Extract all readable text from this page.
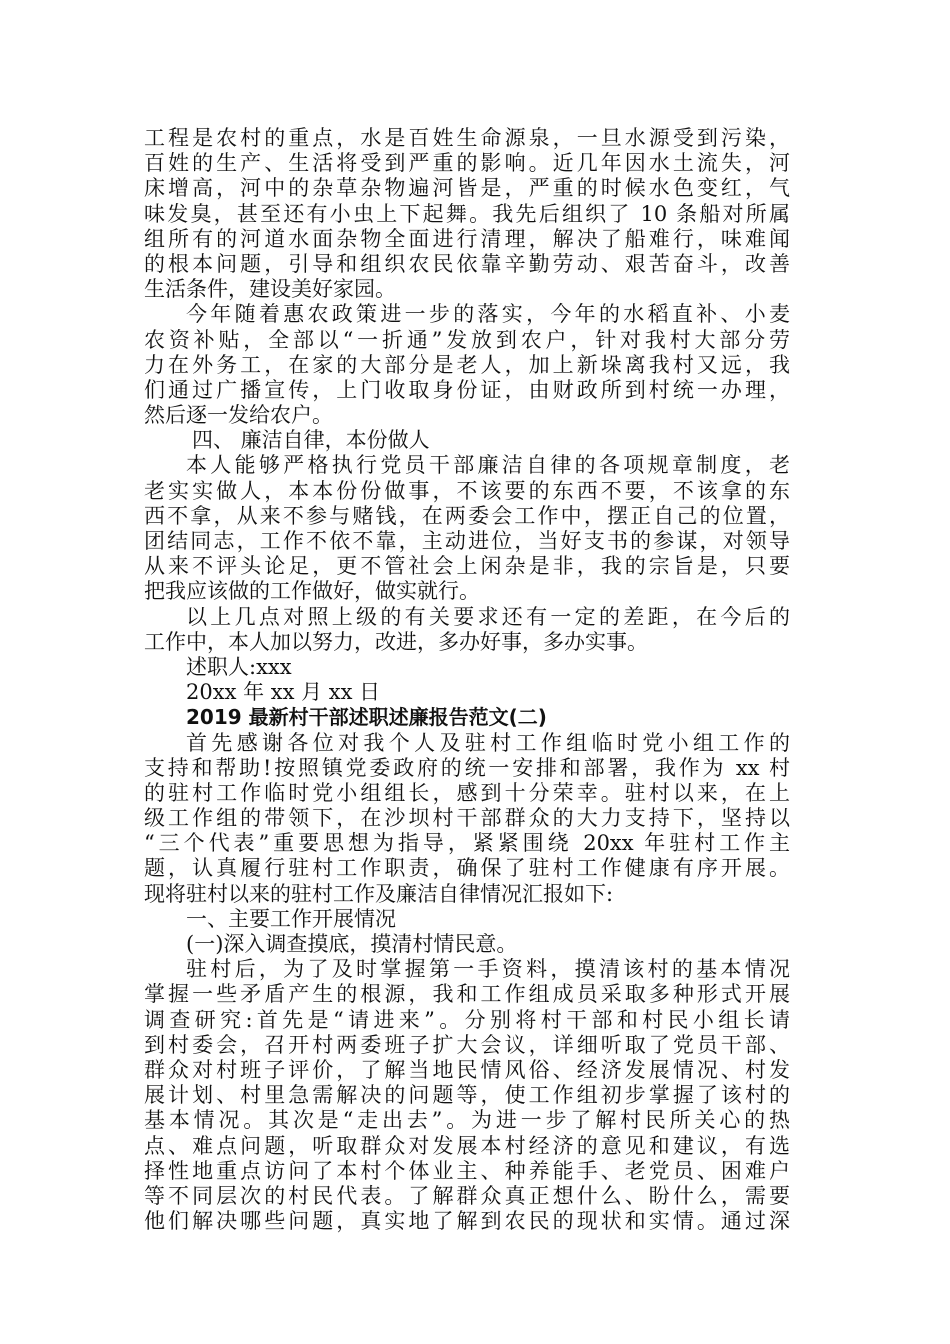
工程是农村的重点，水是百姓生命源泉，一旦水源受到污染，
百姓的生产、生活将受到严重的影响。近几年因水土流失，河
床增高，河中的杂草杂物遍河皆是，严重的时候水色变红，气
味发臭，甚至还有小虫上下起舞。我先后组织了 10 条船对所属
组所有的河道水面杂物全面进行清理，解决了船难行，味难闻
的根本问题，引导和组织农民依靠辛勤劳动、艰苦奋斗，改善
生活条件，建设美好家园。
今年随着惠农政策进一步的落实，今年的水稻直补、小麦
农资补贴，全部以“一折通”发放到农户，针对我村大部分劳
力在外务工，在家的大部分是老人，加上新垛离我村又远，我
们通过广播宣传，上门收取身份证，由财政所到村统一办理，
然后逐一发给农户。
四、 廉洁自律，本份做人
本人能够严格执行党员干部廉洁自律的各项规章制度，老
老实实做人，本本份份做事，不该要的东西不要，不该拿的东
西不拿，从来不参与赌钱，在两委会工作中，摆正自己的位置，
团结同志，工作不依不靠，主动进位，当好支书的参谋，对领导
从来不评头论足，更不管社会上闲杂是非，我的宗旨是，只要
把我应该做的工作做好，做实就行。
以上几点对照上级的有关要求还有一定的差距，在今后的
工作中，本人加以努力，改进，多办好事，多办实事。
述职人:xxx
20xx 年 xx 月 xx 日
2019 最新村干部述职述廉报告范文(二)
首先感谢各位对我个人及驻村工作组临时党小组工作的
支持和帮助!按照镇党委政府的统一安排和部署，我作为 xx 村
的驻村工作临时党小组组长，感到十分荣幸。驻村以来，在上
级工作组的带领下，在沙坝村干部群众的大力支持下，坚持以
“三个代表”重要思想为指导，紧紧围绕 20xx 年驻村工作主
题，认真履行驻村工作职责，确保了驻村工作健康有序开展。
现将驻村以来的驻村工作及廉洁自律情况汇报如下:
一、主要工作开展情况
(一)深入调查摸底，摸清村情民意。
驻村后，为了及时掌握第一手资料，摸清该村的基本情况
掌握一些矛盾产生的根源，我和工作组成员采取多种形式开展
调查研究:首先是“请进来”。分别将村干部和村民小组长请
到村委会，召开村两委班子扩大会议，详细听取了党员干部、
群众对村班子评价，了解当地民情风俗、经济发展情况、村发
展计划、村里急需解决的问题等，使工作组初步掌握了该村的
基本情况。其次是“走出去”。为进一步了解村民所关心的热
点、难点问题，听取群众对发展本村经济的意见和建议，有选
择性地重点访问了本村个体业主、种养能手、老党员、困难户
等不同层次的村民代表。了解群众真正想什么、盼什么，需要
他们解决哪些问题，真实地了解到农民的现状和实情。通过深
